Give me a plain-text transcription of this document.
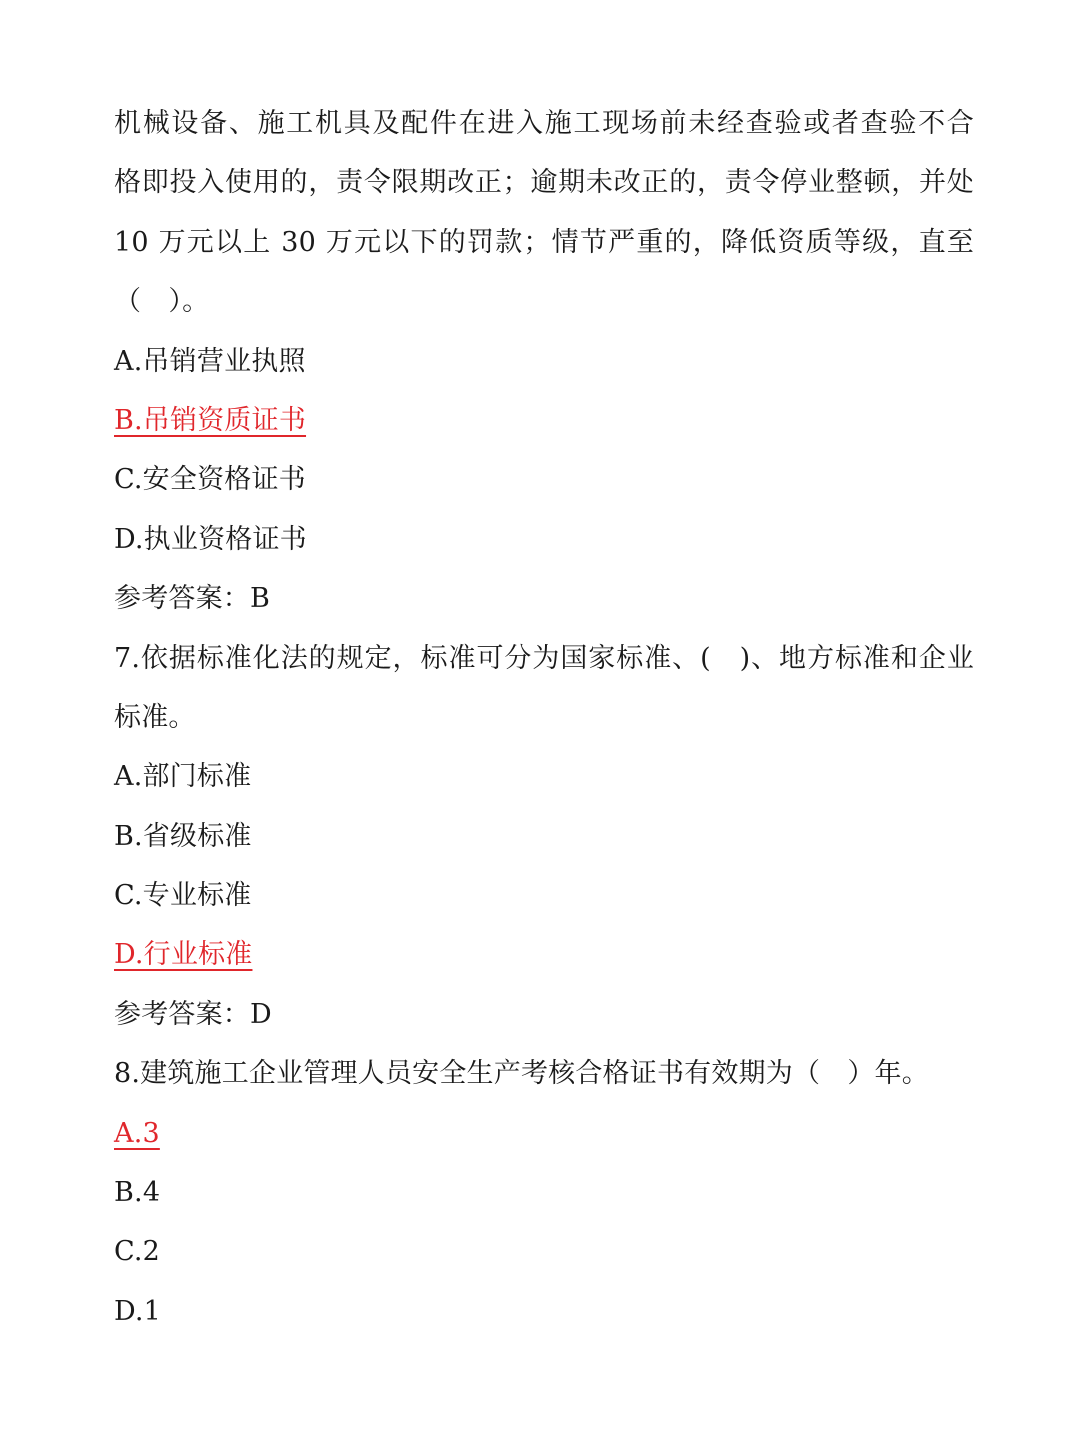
机械设备、施工机具及配件在进入施工现场前未经查验或者查验不合
格即投入使用的，责令限期改正；逾期未改正的，责令停业整顿，并处
10 万元以上 30 万元以下的罚款；情节严重的，降低资质等级，直至
（　）。
A.吊销营业执照
B.吊销资质证书
C.安全资格证书
D.执业资格证书
参考答案：B
7.依据标准化法的规定，标准可分为国家标准、(　)、地方标准和企业
标准。
A.部门标准
B.省级标准
C.专业标准
D.行业标准
参考答案：D
8.建筑施工企业管理人员安全生产考核合格证书有效期为（　）年。
A.3
B.4
C.2
D.1
